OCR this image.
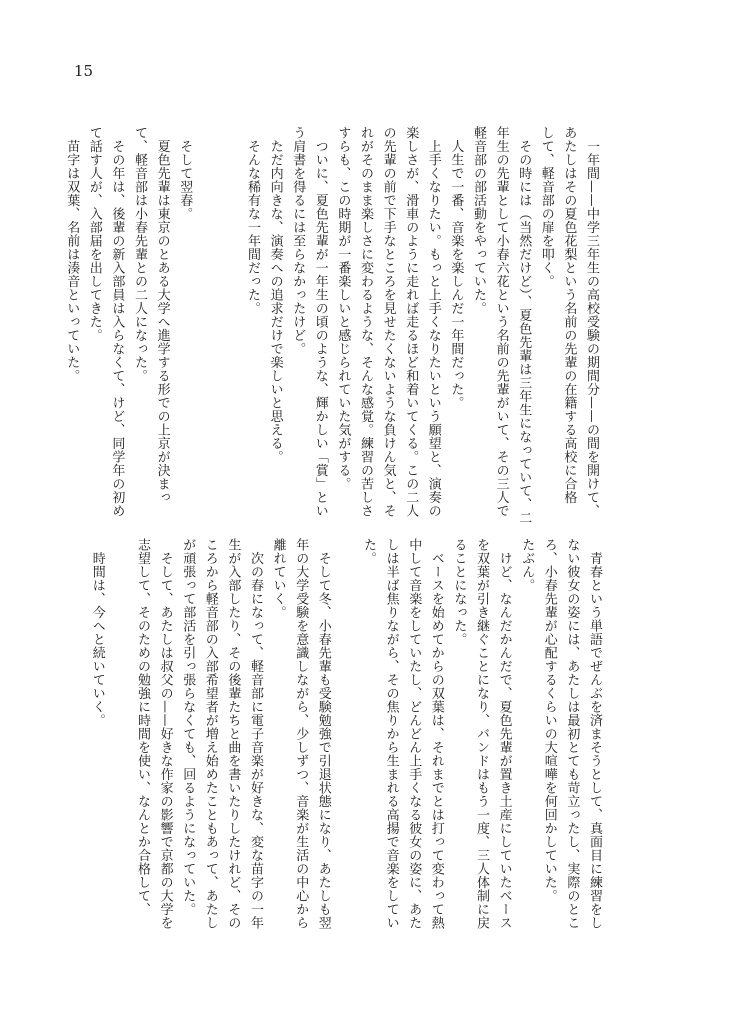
15
　一年間——中学三年生の高校受験の期間分——の間を開けて、
あたしはその夏色花梨という名前の先輩の在籍する高校に合格
して、軽音部の扉を叩く。
　その時には（当然だけど）、夏色先輩は三年生になっていて、二
年生の先輩として小春六花という名前の先輩がいて、その三人で
軽音部の部活動をやっていた。
　人生で一番、音楽を楽しんだ一年間だった。
　上手くなりたい。もっと上手くなりたいという願望と、演奏の
楽しさが、滑車のように走れば走るほど和着いてくる。この二人
の先輩の前で下手なところを見せたくないような負けん気と、そ
れがそのまま楽しさに変わるような、そんな感覚。練習の苦しさ
すらも、この時期が一番楽しいと感じられていた気がする。
　ついに、夏色先輩が一年生の頃のような、輝かしい「賞」とい
う肩書を得るには至らなかったけど。
　ただ内向きな、演奏への追求だけで楽しいと思える。
　そんな稀有な一年間だった。
　そして翌春。
　夏色先輩は東京のとある大学へ進学する形での上京が決まっ
て、軽音部は小春先輩との二人になった。
　その年は、後輩の新入部員は入らなくて、けど、同学年の初め
て話す人が、入部届を出してきた。
　苗字は双葉、名前は湊音といっていた。
　青春という単語でぜんぶを済まそうとして、真面目に練習をし
ない彼女の姿には、あたしは最初とても苛立ったし、実際のとこ
ろ、小春先輩が心配するくらいの大喧嘩を何回かしていた。
たぶん。
　けど、なんだかんだで、夏色先輩が置き土産にしていたベース
を双葉が引き継ぐことになり、バンドはもう一度、三人体制に戻
ることになった。
　ベースを始めてからの双葉は、それまでとは打って変わって熱
中して音楽をしていたし、どんどん上手くなる彼女の姿に、あた
しは半ば焦りながら、その焦りから生まれる高揚で音楽をしてい
た。
　そして冬、小春先輩も受験勉強で引退状態になり、あたしも翌
年の大学受験を意識しながら、少しずつ、音楽が生活の中心から
離れていく。
　次の春になって、軽音部に電子音楽が好きな、変な苗字の一年
生が入部したり、その後輩たちと曲を書いたりしたけれど、その
ころから軽音部の入部希望者が増え始めたこともあって、あたし
が頑張って部活を引っ張らなくても、回るようになっていた。
　そして、あたしは叔父の——好きな作家の影響で京都の大学を
志望して、そのための勉強に時間を使い、なんとか合格して、
　時間は、今へと続いていく。
